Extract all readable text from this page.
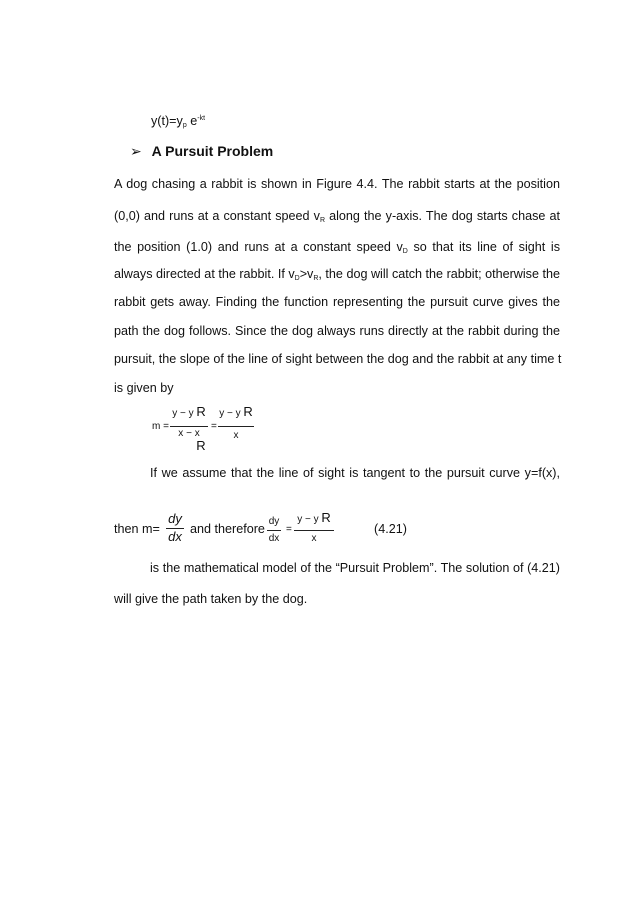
$y(t)=y_p$ $e^{-kt}$
➢ A Pursuit Problem
A dog chasing a rabbit is shown in Figure 4.4. The rabbit starts at the position
(0,0) and runs at a constant speed $v_R$ along the y-axis. The dog starts chase at
the position (1.0) and runs at a constant speed $v_D$ so that its line of sight is
always directed at the rabbit. If $v_D>v_R$, the dog will catch the rabbit; otherwise the
rabbit gets away. Finding the function representing the pursuit curve gives the
path the dog follows. Since the dog always runs directly at the rabbit during the
pursuit, the slope of the line of sight between the dog and the rabbit at any time t
is given by
m =
y − y R
x − x
R
=
y − y R
x
If we assume that the line of sight is tangent to the pursuit curve y=f(x),
then m=
dy
dx and therefore
dy
dx
=
y − y R
x
(4.21)
is the mathematical model of the “Pursuit Problem”. The solution of (4.21)
will give the path taken by the dog.
